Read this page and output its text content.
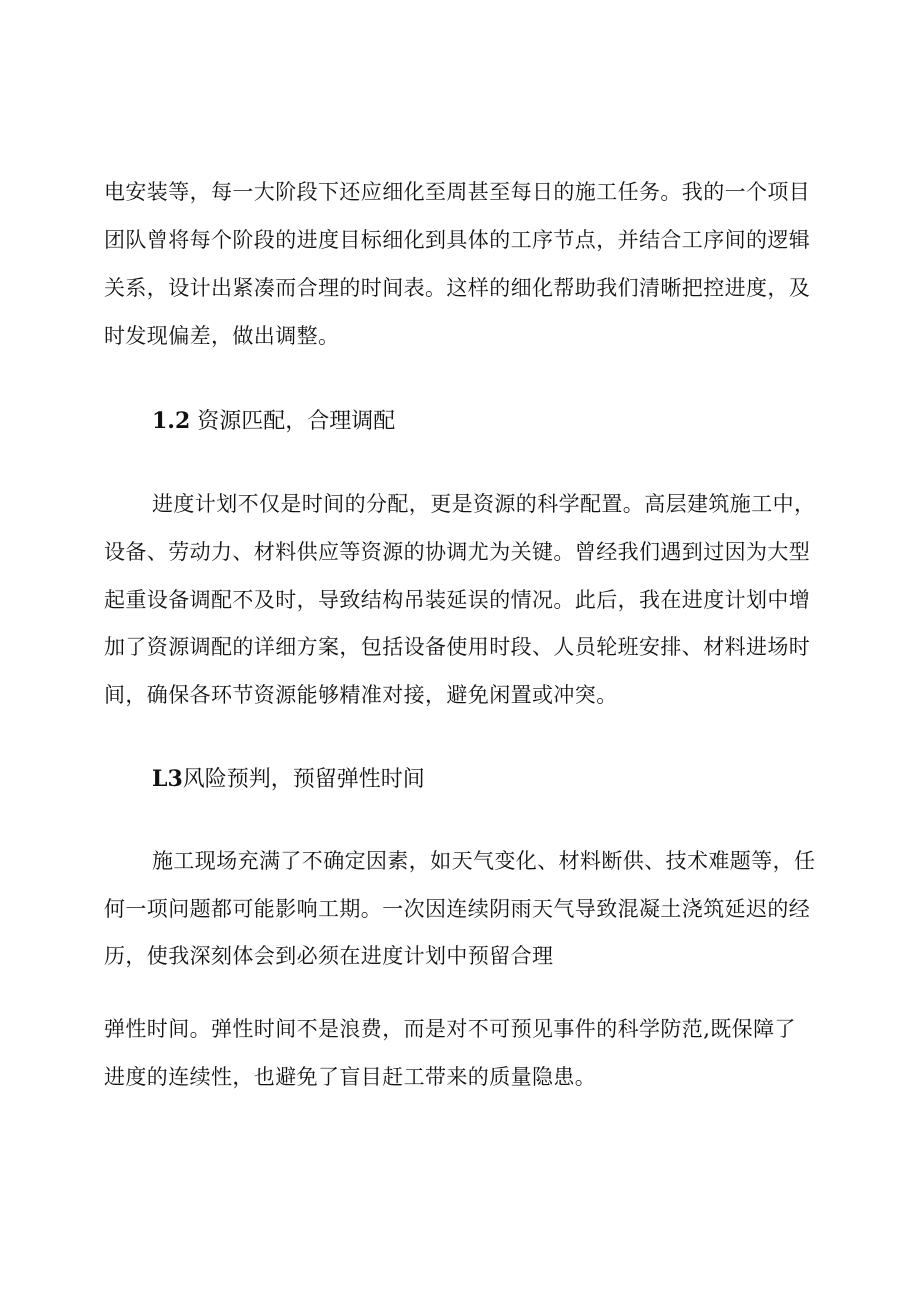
电安装等，每一大阶段下还应细化至周甚至每日的施工任务。我的一个项目
团队曾将每个阶段的进度目标细化到具体的工序节点，并结合工序间的逻辑
关系，设计出紧凑而合理的时间表。这样的细化帮助我们清晰把控进度，及
时发现偏差，做出调整。
1.2 资源匹配，合理调配
进度计划不仅是时间的分配，更是资源的科学配置。高层建筑施工中，
设备、劳动力、材料供应等资源的协调尤为关键。曾经我们遇到过因为大型
起重设备调配不及时，导致结构吊装延误的情况。此后，我在进度计划中增
加了资源调配的详细方案，包括设备使用时段、人员轮班安排、材料进场时
间，确保各环节资源能够精准对接，避免闲置或冲突。
L3风险预判，预留弹性时间
施工现场充满了不确定因素，如天气变化、材料断供、技术难题等，任
何一项问题都可能影响工期。一次因连续阴雨天气导致混凝土浇筑延迟的经
历，使我深刻体会到必须在进度计划中预留合理
弹性时间。弹性时间不是浪费，而是对不可预见事件的科学防范,既保障了
进度的连续性，也避免了盲目赶工带来的质量隐患。
